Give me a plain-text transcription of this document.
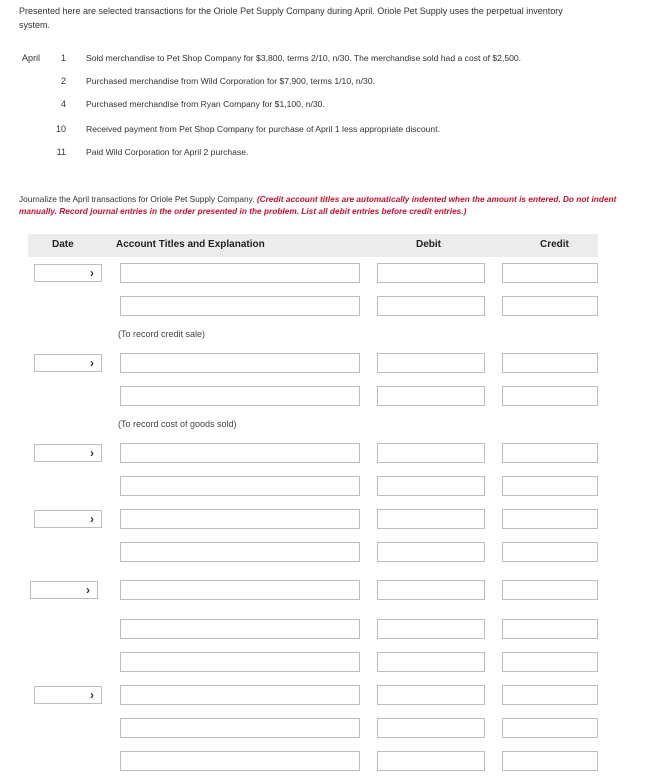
Presented here are selected transactions for the Oriole Pet Supply Company during April. Oriole Pet Supply uses the perpetual inventory system.
April	1 Sold merchandise to Pet Shop Company for $3,800, terms 2/10, n/30. The merchandise sold had a cost of $2,500.
2 Purchased merchandise from Wild Corporation for $7,900, terms 1/10, n/30.
4 Purchased merchandise from Ryan Company for $1,100, n/30.
10 Received payment from Pet Shop Company for purchase of April 1 less appropriate discount.
11 Paid Wild Corporation for April 2 purchase.
Journalize the April transactions for Oriole Pet Supply Company. (Credit account titles are automatically indented when the amount is entered. Do not indent manually. Record journal entries in the order presented in the problem. List all debit entries before credit entries.)
Date	Account Titles and Explanation	Debit	Credit
›
(To record credit sale)
›
(To record cost of goods sold)
›
›
›
›
